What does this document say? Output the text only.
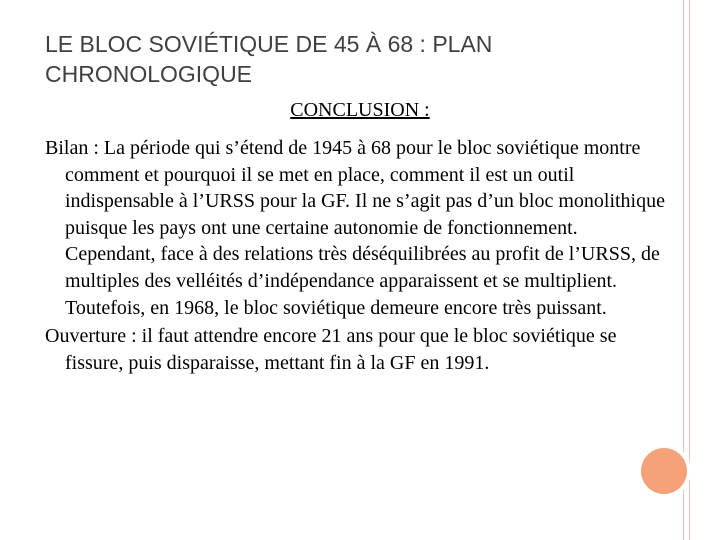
LE BLOC SOVIÉTIQUE DE 45 À 68 : PLAN CHRONOLOGIQUE
CONCLUSION :

Bilan : La période qui s’étend de 1945 à 68 pour le bloc soviétique montre comment et pourquoi il se met en place, comment il est un outil indispensable à l’URSS pour la GF. Il ne s’agit pas d’un bloc monolithique puisque les pays ont une certaine autonomie de fonctionnement. Cependant, face à des relations très déséquilibrées au profit de l’URSS, de multiples des velléités d’indépendance apparaissent et se multiplient. Toutefois, en 1968, le bloc soviétique demeure encore très puissant.

Ouverture : il faut attendre encore 21 ans pour que le bloc soviétique se fissure, puis disparaisse, mettant fin à la GF en 1991.
